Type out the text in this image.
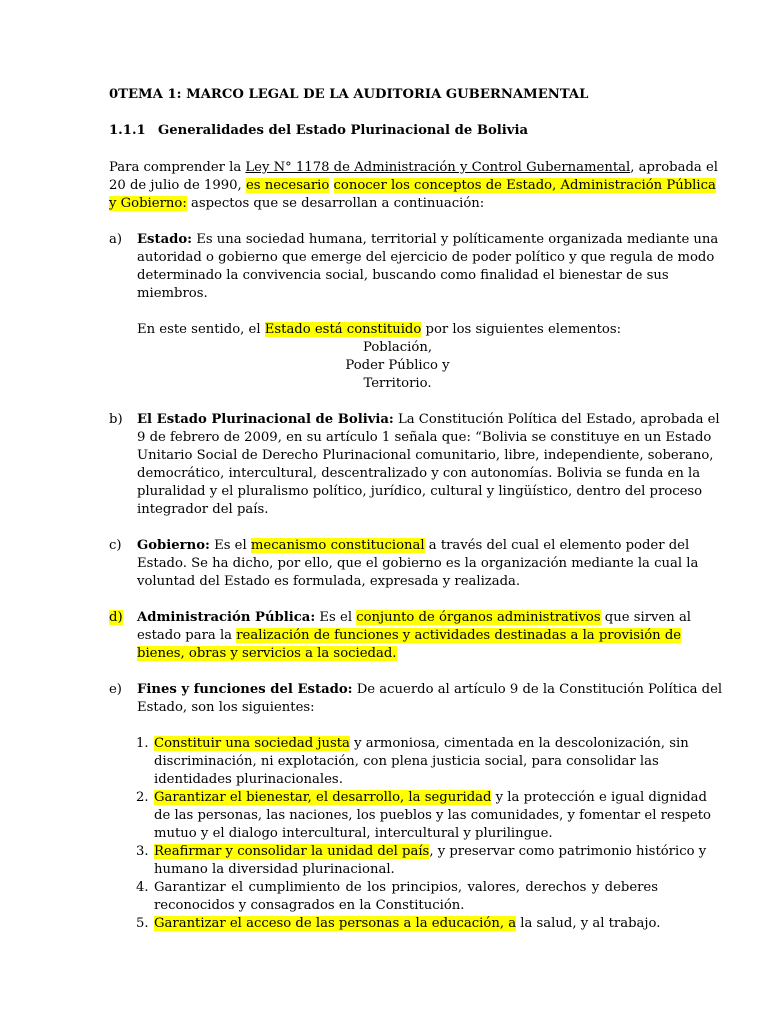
0TEMA 1: MARCO LEGAL DE LA AUDITORIA GUBERNAMENTAL
1.1.1 Generalidades del Estado Plurinacional de Bolivia
Para comprender la Ley N° 1178 de Administración y Control Gubernamental, aprobada el
20 de julio de 1990, es necesario conocer los conceptos de Estado, Administración Pública
y Gobierno: aspectos que se desarrollan a continuación:
a) Estado: Es una sociedad humana, territorial y políticamente organizada mediante una
autoridad o gobierno que emerge del ejercicio de poder político y que regula de modo
determinado la convivencia social, buscando como finalidad el bienestar de sus
miembros.
En este sentido, el Estado está constituido por los siguientes elementos:
Población,
Poder Público y
Territorio.
b) El Estado Plurinacional de Bolivia: La Constitución Política del Estado, aprobada el
9 de febrero de 2009, en su artículo 1 señala que: “Bolivia se constituye en un Estado
Unitario Social de Derecho Plurinacional comunitario, libre, independiente, soberano,
democrático, intercultural, descentralizado y con autonomías. Bolivia se funda en la
pluralidad y el pluralismo político, jurídico, cultural y lingüístico, dentro del proceso
integrador del país.
c) Gobierno: Es el mecanismo constitucional a través del cual el elemento poder del
Estado. Se ha dicho, por ello, que el gobierno es la organización mediante la cual la
voluntad del Estado es formulada, expresada y realizada.
d) Administración Pública: Es el conjunto de órganos administrativos que sirven al
estado para la realización de funciones y actividades destinadas a la provisión de
bienes, obras y servicios a la sociedad.
e) Fines y funciones del Estado: De acuerdo al artículo 9 de la Constitución Política del
Estado, son los siguientes:
1. Constituir una sociedad justa y armoniosa, cimentada en la descolonización, sin
discriminación, ni explotación, con plena justicia social, para consolidar las
identidades plurinacionales.
2. Garantizar el bienestar, el desarrollo, la seguridad y la protección e igual dignidad
de las personas, las naciones, los pueblos y las comunidades, y fomentar el respeto
mutuo y el dialogo intercultural, intercultural y plurilingue.
3. Reafirmar y consolidar la unidad del país, y preservar como patrimonio histórico y
humano la diversidad plurinacional.
4. Garantizar el cumplimiento de los principios, valores, derechos y deberes
reconocidos y consagrados en la Constitución.
5. Garantizar el acceso de las personas a la educación, a la salud, y al trabajo.
